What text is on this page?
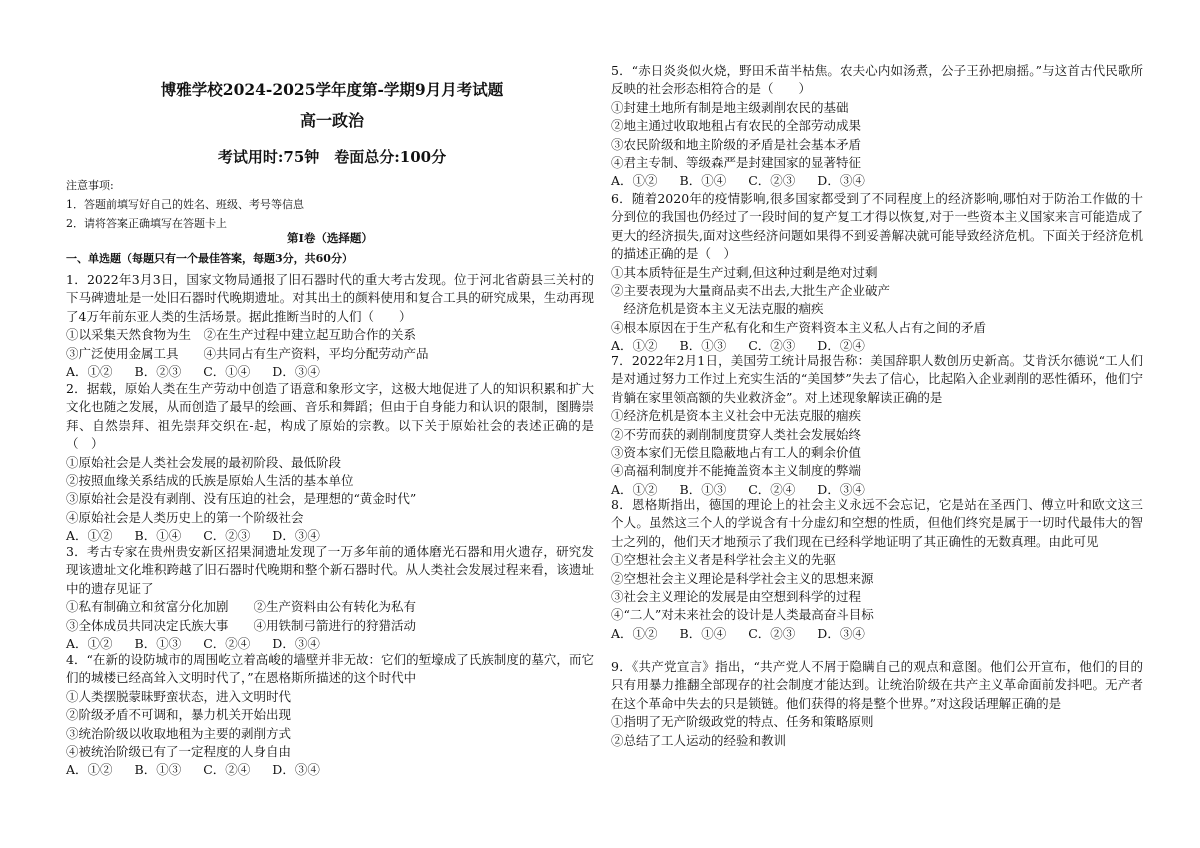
博雅学校2024-2025学年度第-学期9月月考试题
高一政治
考试用时:75钟　卷面总分:100分
注意事项:
1．答题前填写好自己的姓名、班级、考号等信息
2．请将答案正确填写在答题卡上
第I卷（选择题）
一、单选题（每题只有一个最佳答案，每题3分，共60分）
1．2022年3月3日，国家文物局通报了旧石器时代的重大考古发现。位于河北省蔚县三关村的下马碑遗址是一处旧石器时代晚期遗址。对其出土的颜料使用和复合工具的研究成果，生动再现了4万年前东亚人类的生活场景。据此推断当时的人们（　　）
①以采集天然食物为生　②在生产过程中建立起互助合作的关系
③广泛使用金属工具　　④共同占有生产资料，平均分配劳动产品
A．①② B．②③ C．①④ D．③④
2．据载，原始人类在生产劳动中创造了语意和象形文字，这极大地促进了人的知识积累和扩大文化也随之发展，从而创造了最早的绘画、音乐和舞蹈；但由于自身能力和认识的限制，图腾崇拜、自然崇拜、祖先崇拜交织在-起，构成了原始的宗教。以下关于原始社会的表述正确的是（　）
①原始社会是人类社会发展的最初阶段、最低阶段
②按照血缘关系结成的氏族是原始人生活的基本单位
③原始社会是没有剥削、没有压迫的社会，是理想的“黄金时代”
④原始社会是人类历史上的第一个阶级社会
A．①② B．①④ C．②③ D．③④
3．考古专家在贵州贵安新区招果洞遗址发现了一万多年前的通体磨光石器和用火遗存，研究发现该遗址文化堆积跨越了旧石器时代晚期和整个新石器时代。从人类社会发展过程来看，该遗址中的遗存见证了
①私有制确立和贫富分化加剧　　②生产资料由公有转化为私有
③全体成员共同决定氏族大事　　④用铁制弓箭进行的狩猎活动
A．①② B．①③ C．②④ D．③④
4．“在新的设防城市的周围屹立着高峻的墙壁并非无故：它们的堑壕成了氏族制度的墓穴，而它们的城楼已经高耸入文明时代了，”在恩格斯所描述的这个时代中
①人类摆脱蒙昧野蛮状态，进入文明时代
②阶级矛盾不可调和，暴力机关开始出现
③统治阶级以收取地租为主要的剥削方式
④被统治阶级已有了一定程度的人身自由
A．①② B．①③ C．②④ D．③④
5．“赤日炎炎似火烧，野田禾苗半枯焦。农夫心内如汤煮，公子王孙把扇摇。”与这首古代民歌所反映的社会形态相符合的是（　　）
①封建土地所有制是地主级剥削农民的基础
②地主通过收取地租占有农民的全部劳动成果
③农民阶级和地主阶级的矛盾是社会基本矛盾
④君主专制、等级森严是封建国家的显著特征
A．①② B．①④ C．②③ D．③④
6．随着2020年的疫情影响,很多国家都受到了不同程度上的经济影响,哪怕对于防治工作做的十分到位的我国也仍经过了一段时间的复产复工才得以恢复,对于一些资本主义国家来言可能造成了更大的经济损失,面对这些经济问题如果得不到妥善解决就可能导致经济危机。下面关于经济危机的描述正确的是（　）
①其本质特征是生产过剩,但这种过剩是绝对过剩
②主要表现为大量商品卖不出去,大批生产企业破产
　经济危机是资本主义无法克服的痼疾
④根本原因在于生产私有化和生产资料资本主义私人占有之间的矛盾
A．①② B．①③ C．②③ D．②④
7．2022年2月1日，美国劳工统计局报告称：美国辞职人数创历史新高。艾肯沃尔德说“工人们是对通过努力工作过上充实生活的“美国梦”失去了信心，比起陷入企业剥削的恶性循环，他们宁肯躺在家里领高额的失业救济金”。对上述现象解读正确的是
①经济危机是资本主义社会中无法克服的痼疾
②不劳而获的剥削制度贯穿人类社会发展始终
③资本家们无偿且隐蔽地占有工人的剩余价值
④高福利制度并不能掩盖资本主义制度的弊端
A．①② B．①③ C．②④ D．③④
8．恩格斯指出，德国的理论上的社会主义永远不会忘记，它是站在圣西门、傅立叶和欧文这三个人。虽然这三个人的学说含有十分虚幻和空想的性质，但他们终究是属于一切时代最伟大的智士之列的，他们天才地预示了我们现在已经科学地证明了其正确性的无数真理。由此可见
①空想社会主义者是科学社会主义的先驱
②空想社会主义理论是科学社会主义的思想来源
③社会主义理论的发展是由空想到科学的过程
④“二人”对未来社会的设计是人类最高奋斗目标
A．①② B．①④ C．②③ D．③④
9．《共产党宣言》指出，“共产党人不屑于隐瞒自己的观点和意图。他们公开宣布，他们的目的只有用暴力推翻全部现存的社会制度才能达到。让统治阶级在共产主义革命面前发抖吧。无产者在这个革命中失去的只是锁链。他们获得的将是整个世界。”对这段话理解正确的是
①指明了无产阶级政党的特点、任务和策略原则
②总结了工人运动的经验和教训
